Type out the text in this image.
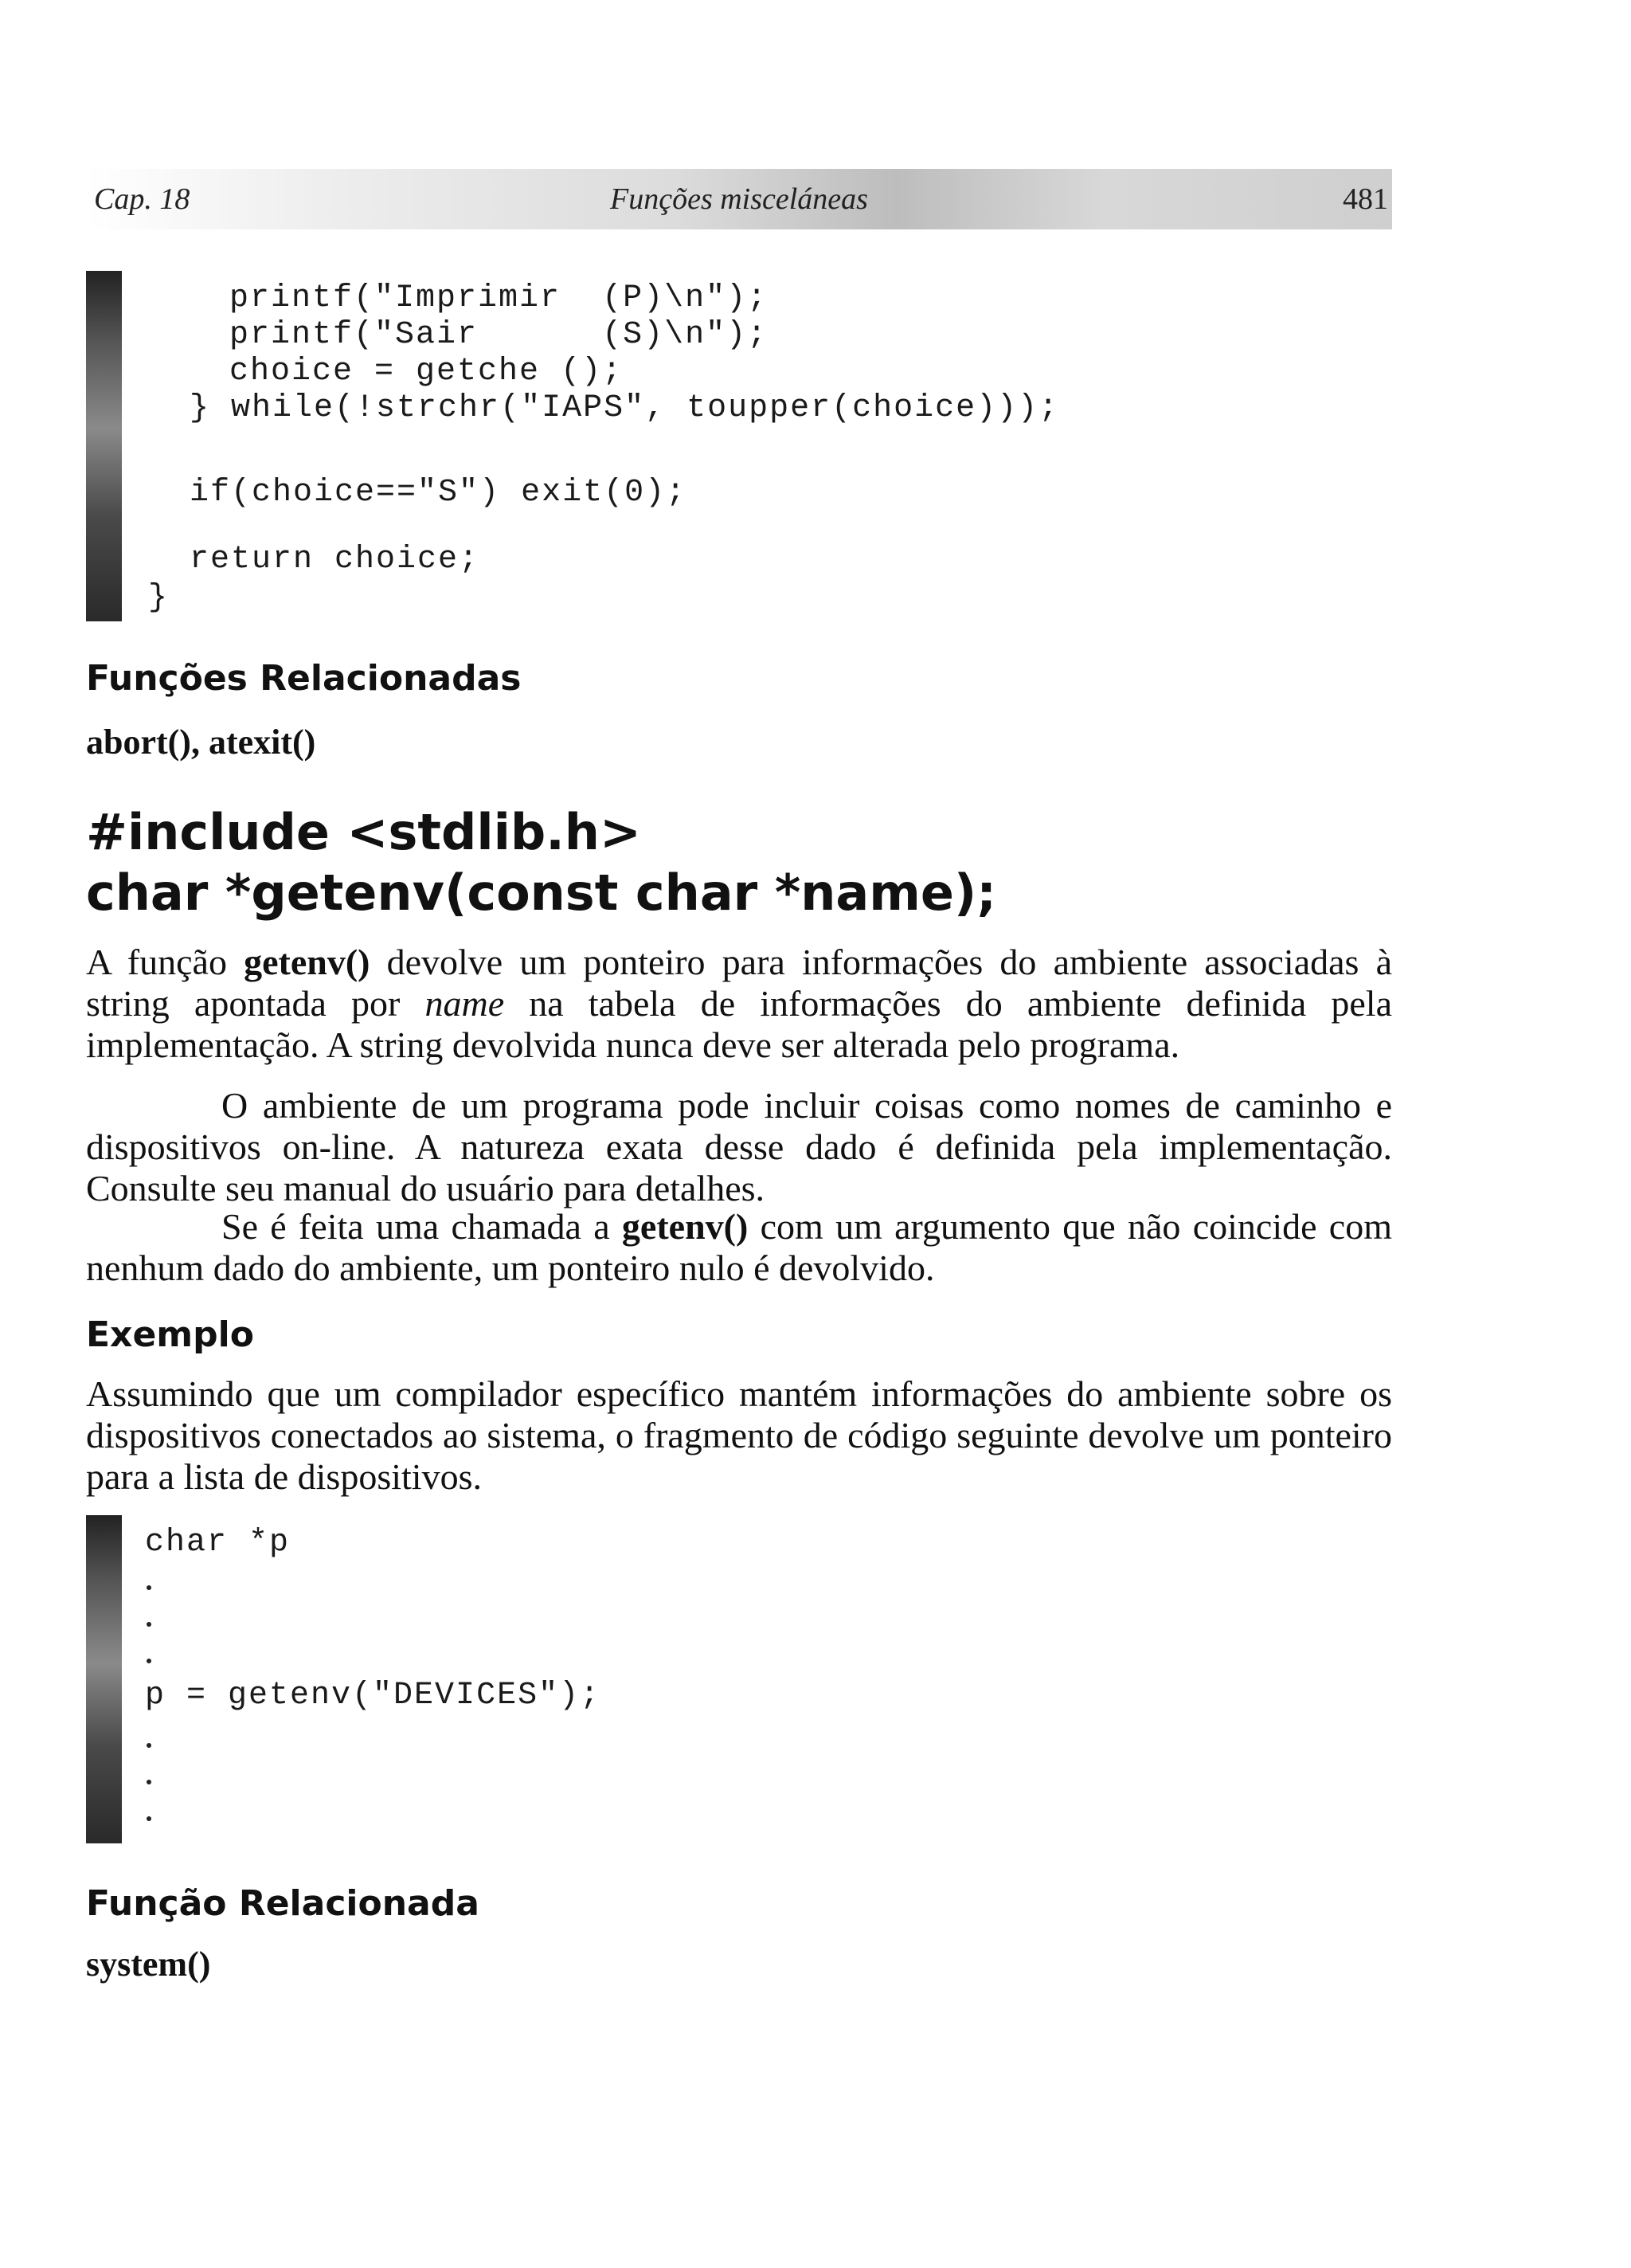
Cap. 18	Funções misceláneas	481
printf("Imprimir  (P)\n");
printf("Sair      (S)\n");
choice = getche ();
} while(!strchr("IAPS", toupper(choice)));
if(choice=="S") exit(0);
return choice;
}
Funções Relacionadas
abort(), atexit()
#include <stdlib.h>
char *getenv(const char *name);
A função getenv() devolve um ponteiro para informações do ambiente associadas à string apontada por name na tabela de informações do ambiente definida pela implementação. A string devolvida nunca deve ser alterada pelo programa.
O ambiente de um programa pode incluir coisas como nomes de caminho e dispositivos on-line. A natureza exata desse dado é definida pela implementação. Consulte seu manual do usuário para detalhes.
Se é feita uma chamada a getenv() com um argumento que não coincide com nenhum dado do ambiente, um ponteiro nulo é devolvido.
Exemplo
Assumindo que um compilador específico mantém informações do ambiente sobre os dispositivos conectados ao sistema, o fragmento de código seguinte devolve um ponteiro para a lista de dispositivos.
char *p
p = getenv("DEVICES");
Função Relacionada
system()
